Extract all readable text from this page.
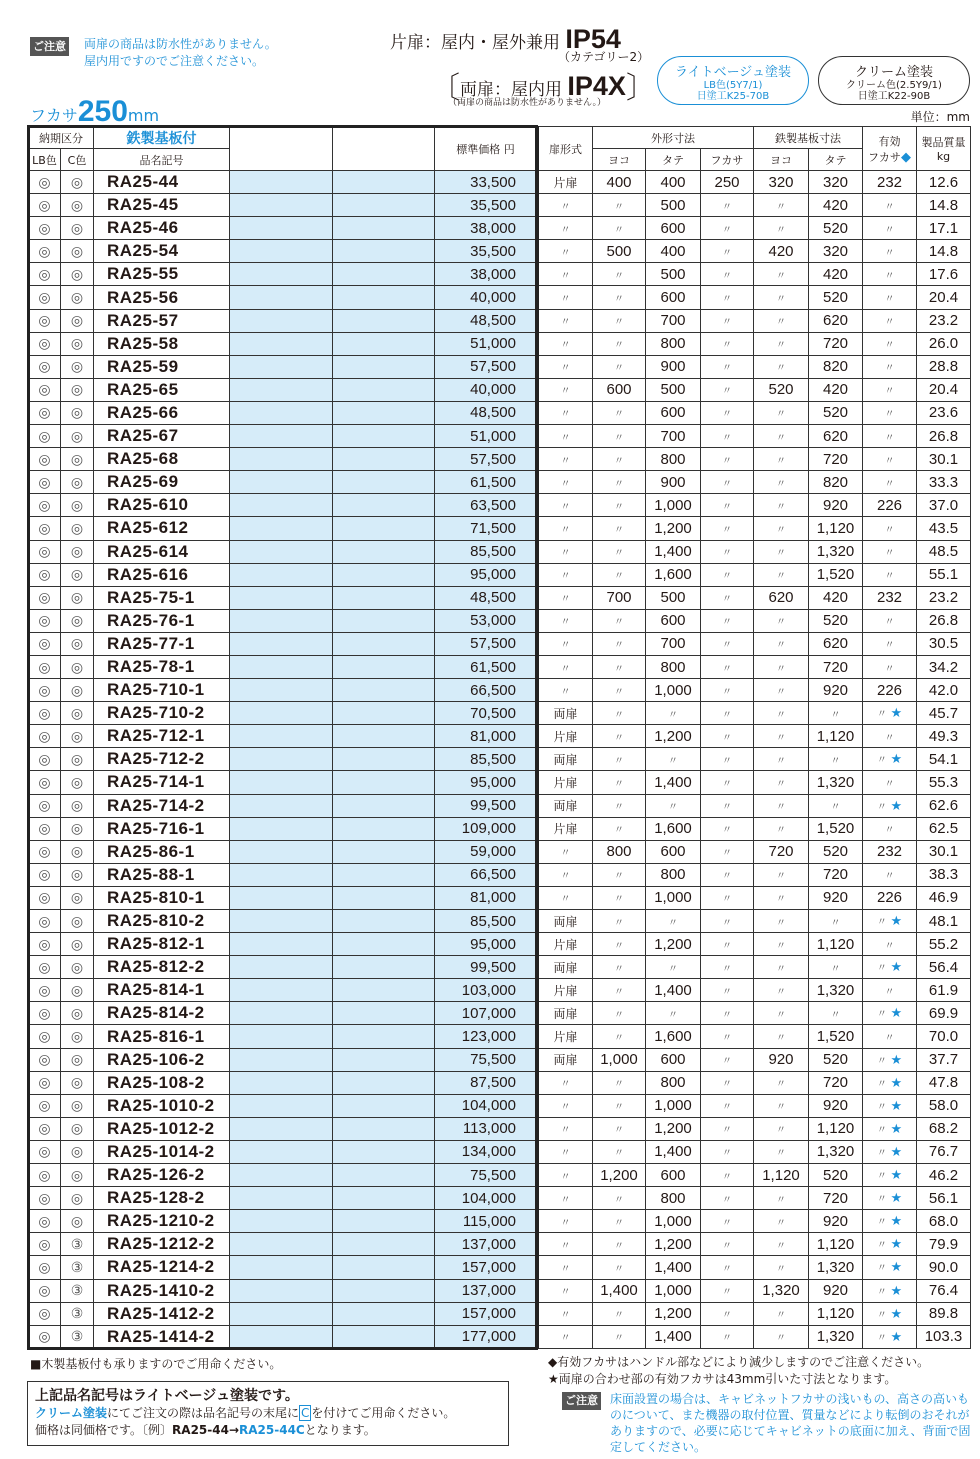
ご注意 両扉の商品は防水性がありません。
屋内用ですのでご注意ください。
片扉：屋内・屋外兼用 IP54
（カテゴリー2）
〔両扉：屋内用 IP4X〕
（両扉の商品は防水性がありません。）
ライトベージュ塗装
LB色(5Y7/1)
日塗工K25-70B
クリーム塗装
クリーム色(2.5Y9/1)
日塗工K22-90B
フカサ250mm	単位：mm
納期区分		鉄製基板付			標準価格 円	扉形式	外形寸法			鉄製基板寸法		有効
フカサ◆	製品質量
kg
LB色	C色	品名記号					ヨコ	タテ	フカサ	ヨコ	タテ		
◎	◎	RA25-44			33,500	片扉	400	400	250	320	320	232	12.6
◎	◎	RA25-45			35,500	〃	〃	500	〃	〃	420	〃	14.8
◎	◎	RA25-46			38,000	〃	〃	600	〃	〃	520	〃	17.1
◎	◎	RA25-54			35,500	〃	500	400	〃	420	320	〃	14.8
◎	◎	RA25-55			38,000	〃	〃	500	〃	〃	420	〃	17.6
◎	◎	RA25-56			40,000	〃	〃	600	〃	〃	520	〃	20.4
◎	◎	RA25-57			48,500	〃	〃	700	〃	〃	620	〃	23.2
◎	◎	RA25-58			51,000	〃	〃	800	〃	〃	720	〃	26.0
◎	◎	RA25-59			57,500	〃	〃	900	〃	〃	820	〃	28.8
◎	◎	RA25-65			40,000	〃	600	500	〃	520	420	〃	20.4
◎	◎	RA25-66			48,500	〃	〃	600	〃	〃	520	〃	23.6
◎	◎	RA25-67			51,000	〃	〃	700	〃	〃	620	〃	26.8
◎	◎	RA25-68			57,500	〃	〃	800	〃	〃	720	〃	30.1
◎	◎	RA25-69			61,500	〃	〃	900	〃	〃	820	〃	33.3
◎	◎	RA25-610			63,500	〃	〃	1,000	〃	〃	920	226	37.0
◎	◎	RA25-612			71,500	〃	〃	1,200	〃	〃	1,120	〃	43.5
◎	◎	RA25-614			85,500	〃	〃	1,400	〃	〃	1,320	〃	48.5
◎	◎	RA25-616			95,000	〃	〃	1,600	〃	〃	1,520	〃	55.1
◎	◎	RA25-75-1			48,500	〃	700	500	〃	620	420	232	23.2
◎	◎	RA25-76-1			53,000	〃	〃	600	〃	〃	520	〃	26.8
◎	◎	RA25-77-1			57,500	〃	〃	700	〃	〃	620	〃	30.5
◎	◎	RA25-78-1			61,500	〃	〃	800	〃	〃	720	〃	34.2
◎	◎	RA25-710-1			66,500	〃	〃	1,000	〃	〃	920	226	42.0
◎	◎	RA25-710-2			70,500	両扉	〃	〃	〃	〃	〃	〃 ★	45.7
◎	◎	RA25-712-1			81,000	片扉	〃	1,200	〃	〃	1,120	〃	49.3
◎	◎	RA25-712-2			85,500	両扉	〃	〃	〃	〃	〃	〃 ★	54.1
◎	◎	RA25-714-1			95,000	片扉	〃	1,400	〃	〃	1,320	〃	55.3
◎	◎	RA25-714-2			99,500	両扉	〃	〃	〃	〃	〃	〃 ★	62.6
◎	◎	RA25-716-1			109,000	片扉	〃	1,600	〃	〃	1,520	〃	62.5
◎	◎	RA25-86-1			59,000	〃	800	600	〃	720	520	232	30.1
◎	◎	RA25-88-1			66,500	〃	〃	800	〃	〃	720	〃	38.3
◎	◎	RA25-810-1			81,000	〃	〃	1,000	〃	〃	920	226	46.9
◎	◎	RA25-810-2			85,500	両扉	〃	〃	〃	〃	〃	〃 ★	48.1
◎	◎	RA25-812-1			95,000	片扉	〃	1,200	〃	〃	1,120	〃	55.2
◎	◎	RA25-812-2			99,500	両扉	〃	〃	〃	〃	〃	〃 ★	56.4
◎	◎	RA25-814-1			103,000	片扉	〃	1,400	〃	〃	1,320	〃	61.9
◎	◎	RA25-814-2			107,000	両扉	〃	〃	〃	〃	〃	〃 ★	69.9
◎	◎	RA25-816-1			123,000	片扉	〃	1,600	〃	〃	1,520	〃	70.0
◎	◎	RA25-106-2			75,500	両扉	1,000	600	〃	920	520	〃 ★	37.7
◎	◎	RA25-108-2			87,500	〃	〃	800	〃	〃	720	〃 ★	47.8
◎	◎	RA25-1010-2			104,000	〃	〃	1,000	〃	〃	920	〃 ★	58.0
◎	◎	RA25-1012-2			113,000	〃	〃	1,200	〃	〃	1,120	〃 ★	68.2
◎	◎	RA25-1014-2			134,000	〃	〃	1,400	〃	〃	1,320	〃 ★	76.7
◎	◎	RA25-126-2			75,500	〃	1,200	600	〃	1,120	520	〃 ★	46.2
◎	◎	RA25-128-2			104,000	〃	〃	800	〃	〃	720	〃 ★	56.1
◎	◎	RA25-1210-2			115,000	〃	〃	1,000	〃	〃	920	〃 ★	68.0
◎	③	RA25-1212-2			137,000	〃	〃	1,200	〃	〃	1,120	〃 ★	79.9
◎	③	RA25-1214-2			157,000	〃	〃	1,400	〃	〃	1,320	〃 ★	90.0
◎	③	RA25-1410-2			137,000	〃	1,400	1,000	〃	1,320	920	〃 ★	76.4
◎	③	RA25-1412-2			157,000	〃	〃	1,200	〃	〃	1,120	〃 ★	89.8
◎	③	RA25-1414-2			177,000	〃	〃	1,400	〃	〃	1,320	〃 ★	103.3
■木製基板付も承りますのでご用命ください。
上記品名記号はライトベージュ塗装です。
クリーム塗装にてご注文の際は品名記号の末尾に C を付けてご用命ください。
価格は同価格です。〔例〕RA25-44→RA25-44Cとなります。
◆有効フカサはハンドル部などにより減少しますのでご注意ください。
★両扉の合わせ部の有効フカサは43mm引いた寸法となります。
ご注意 床面設置の場合は、キャビネットフカサの浅いもの、高さの高いものについて、また機器の取付位置、質量などにより転倒のおそれがありますので、必要に応じてキャビネットの底面に加え、背面で固定してください。
